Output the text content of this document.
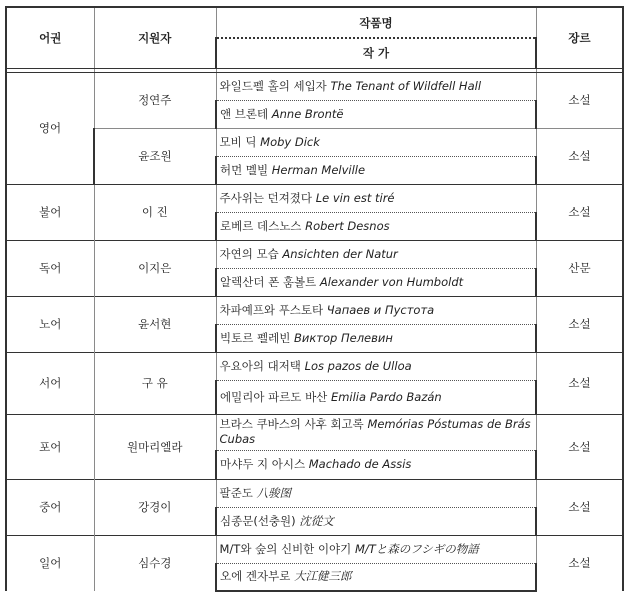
어권	지원자	작품명	장르
		작 가	

영어	정연주	와일드펠 홀의 세입자 The Tenant of Wildfell Hall	소설
		앤 브론테 Anne Brontë	
	윤조원	모비 딕 Moby Dick	소설
		허먼 멜빌 Herman Melville	
불어	이 진	주사위는 던져졌다 Le vin est tiré	소설
		로베르 데스노스 Robert Desnos	
독어	이지은	자연의 모습 Ansichten der Natur	산문
		알렉산더 폰 훔볼트 Alexander von Humboldt	
노어	윤서현	차파예프와 푸스토타 Чапаев и Пустота	소설
		빅토르 펠레빈 Виктор Пелевин	
서어	구 유	우요아의 대저택 Los pazos de Ulloa	소설
		에밀리아 파르도 바산 Emilia Pardo Bazán	
포어	원마리엘라	브라스 쿠바스의 사후 회고록 Memórias Póstumas de Brás Cubas	소설
		마샤두 지 아시스 Machado de Assis	
중어	강경이	팔준도 八骏图	소설
		심종문(선충원) 沈從文	
일어	심수경	M/T와 숲의 신비한 이야기 M/Tと森のフシギの物語	소설
		오에 겐자부로 大江健三郎	
